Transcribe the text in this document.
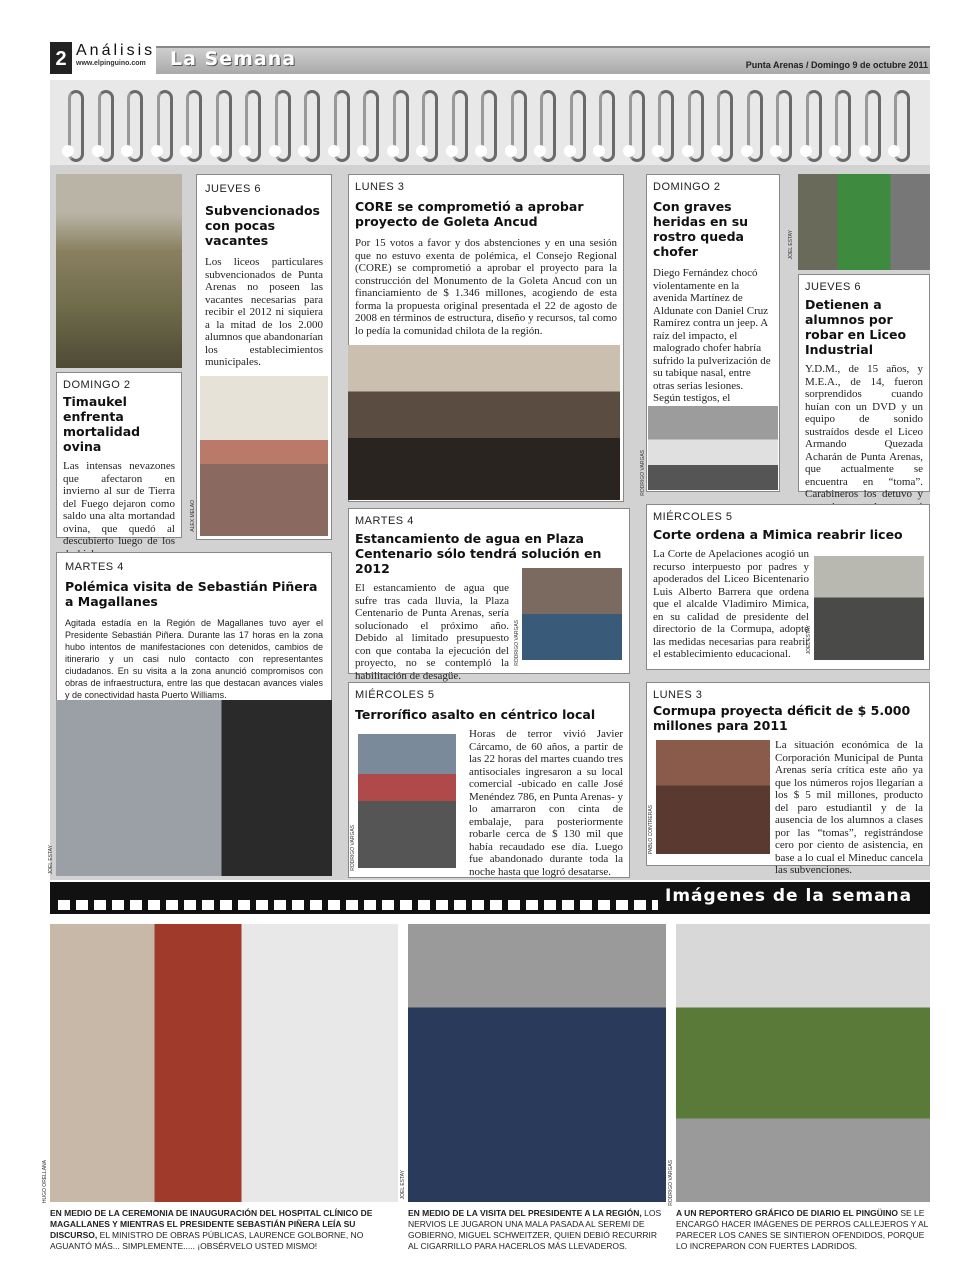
2 Análisis
www.elpinguino.com	La Semana	Punta Arenas / Domingo 9 de octubre 2011
DOMINGO 2
Timaukel enfrenta mortalidad ovina
Las intensas nevazones que afectaron en invierno al sur de Tierra del Fuego dejaron como saldo una alta mortandad ovina, que quedó al descubierto luego de los
JUEVES 6
Subvencionados con pocas vacantes
Los liceos particulares subvencionados de Punta Arenas no poseen las vacantes necesarias para recibir el 2012 ni siquiera a la mitad de los 2.000 alumnos que abandonarían los establecimientos municipales.
ALEX MELAO
LUNES 3
CORE se comprometió a aprobar proyecto de Goleta Ancud
Por 15 votos a favor y dos abstenciones y en una sesión que no estuvo exenta de polémica, el Consejo Regional (CORE) se comprometió a aprobar el proyecto para la construcción del Monumento de la Goleta Ancud con un financiamiento de $ 1.346 millones, acogiendo de esta forma la propuesta original presentada el 22 de agosto de 2008 en términos de estructura, diseño y recursos, tal como lo pedía la comunidad chilota de la región.
DOMINGO 2
Con graves heridas en su rostro queda chofer
Diego Fernández chocó violentamente en la avenida Martínez de Aldunate con Daniel Cruz Ramírez contra un jeep. A raíz del impacto, el malogrado chofer habría sufrido la pulverización de su tabique nasal, entre otras serias lesiones. Según testigos, el
RODRIGO VARGAS
JOEL ESTAY
JUEVES 6
Detienen a alumnos por robar en Liceo Industrial
Y.D.M., de 15 años, y M.E.A., de 14, fueron sorprendidos cuando huían con un DVD y un equipo de sonido sustraídos desde el Liceo Armando Quezada Acharán de Punta Arenas, que actualmente se encuentra en “toma”. Carabineros los detuvo y
MARTES 4
Polémica visita de Sebastián Piñera a Magallanes
Agitada estadía en la Región de Magallanes tuvo ayer el Presidente Sebastián Piñera. Durante las 17 horas en la zona hubo intentos de manifestaciones con detenidos, cambios de itinerario y un casi nulo contacto con representantes ciudadanos. En su visita a la zona anunció compromisos con obras de infraestructura, entre las que destacan avances viales y de conectividad hasta Puerto Williams.
JOEL ESTAY
MARTES 4
Estancamiento de agua en Plaza Centenario sólo tendrá solución en 2012
El estancamiento de agua que sufre tras cada lluvia, la Plaza Centenario de Punta Arenas, sería solucionado el próximo año. Debido al limitado presupuesto con que contaba la ejecución del proyecto, no se contempló la habilitación de desagüe.
RODRIGO VARGAS
MIÉRCOLES 5
Corte ordena a Mimica reabrir liceo
La Corte de Apelaciones acogió un recurso interpuesto por padres y apoderados del Liceo Bicentenario Luis Alberto Barrera que ordena que el alcalde Vladimiro Mimica, en su calidad de presidente del directorio de la Cormupa, adopte las medidas necesarias para reabrir el establecimiento educacional.	JOEL ESTAY
MIÉRCOLES 5
Terrorífico asalto en céntrico local
Horas de terror vivió Javier Cárcamo, de 60 años, a partir de las 22 horas del martes cuando tres antisociales ingresaron a su local comercial -ubicado en calle José Menéndez 786, en Punta Arenas- y lo amarraron con cinta de embalaje, para posteriormente robarle cerca de $ 130 mil que había recaudado ese día. Luego fue abandonado durante toda la noche hasta que logró desatarse.
RODRIGO VARGAS
LUNES 3
Cormupa proyecta déficit de $ 5.000 millones para 2011
La situación económica de la Corporación Municipal de Punta Arenas sería crítica este año ya que los números rojos llegarían a los $ 5 mil millones, producto del paro estudiantil y de la ausencia de los alumnos a clases por las “tomas”, registrándose cero por ciento de asistencia, en base a lo cual el Mineduc cancela las subvenciones.
PABLO CONTRERAS
Imágenes de la semana
HUGO ORELLANA
EN MEDIO DE LA CEREMONIA DE INAUGURACIÓN DEL HOSPITAL CLÍNICO DE MAGALLANES Y MIENTRAS EL PRESIDENTE SEBASTIÁN PIÑERA LEÍA SU DISCURSO, EL MINISTRO DE OBRAS PÚBLICAS, LAURENCE GOLBORNE, NO AGUANTÓ MÁS... SIMPLEMENTE..... ¡OBSÉRVELO USTED MISMO!
JOEL ESTAY
EN MEDIO DE LA VISITA DEL PRESIDENTE A LA REGIÓN, LOS NERVIOS LE JUGARON UNA MALA PASADA AL SEREMI DE GOBIERNO, MIGUEL SCHWEITZER, QUIEN DEBIÓ RECURRIR AL CIGARRILLO PARA HACERLOS MÁS LLEVADEROS.
RODRIGO VARGAS
A UN REPORTERO GRÁFICO DE DIARIO EL PINGÜINO SE LE ENCARGÓ HACER IMÁGENES DE PERROS CALLEJEROS Y AL PARECER LOS CANES SE SINTIERON OFENDIDOS, PORQUE LO INCREPARON CON FUERTES LADRIDOS.
